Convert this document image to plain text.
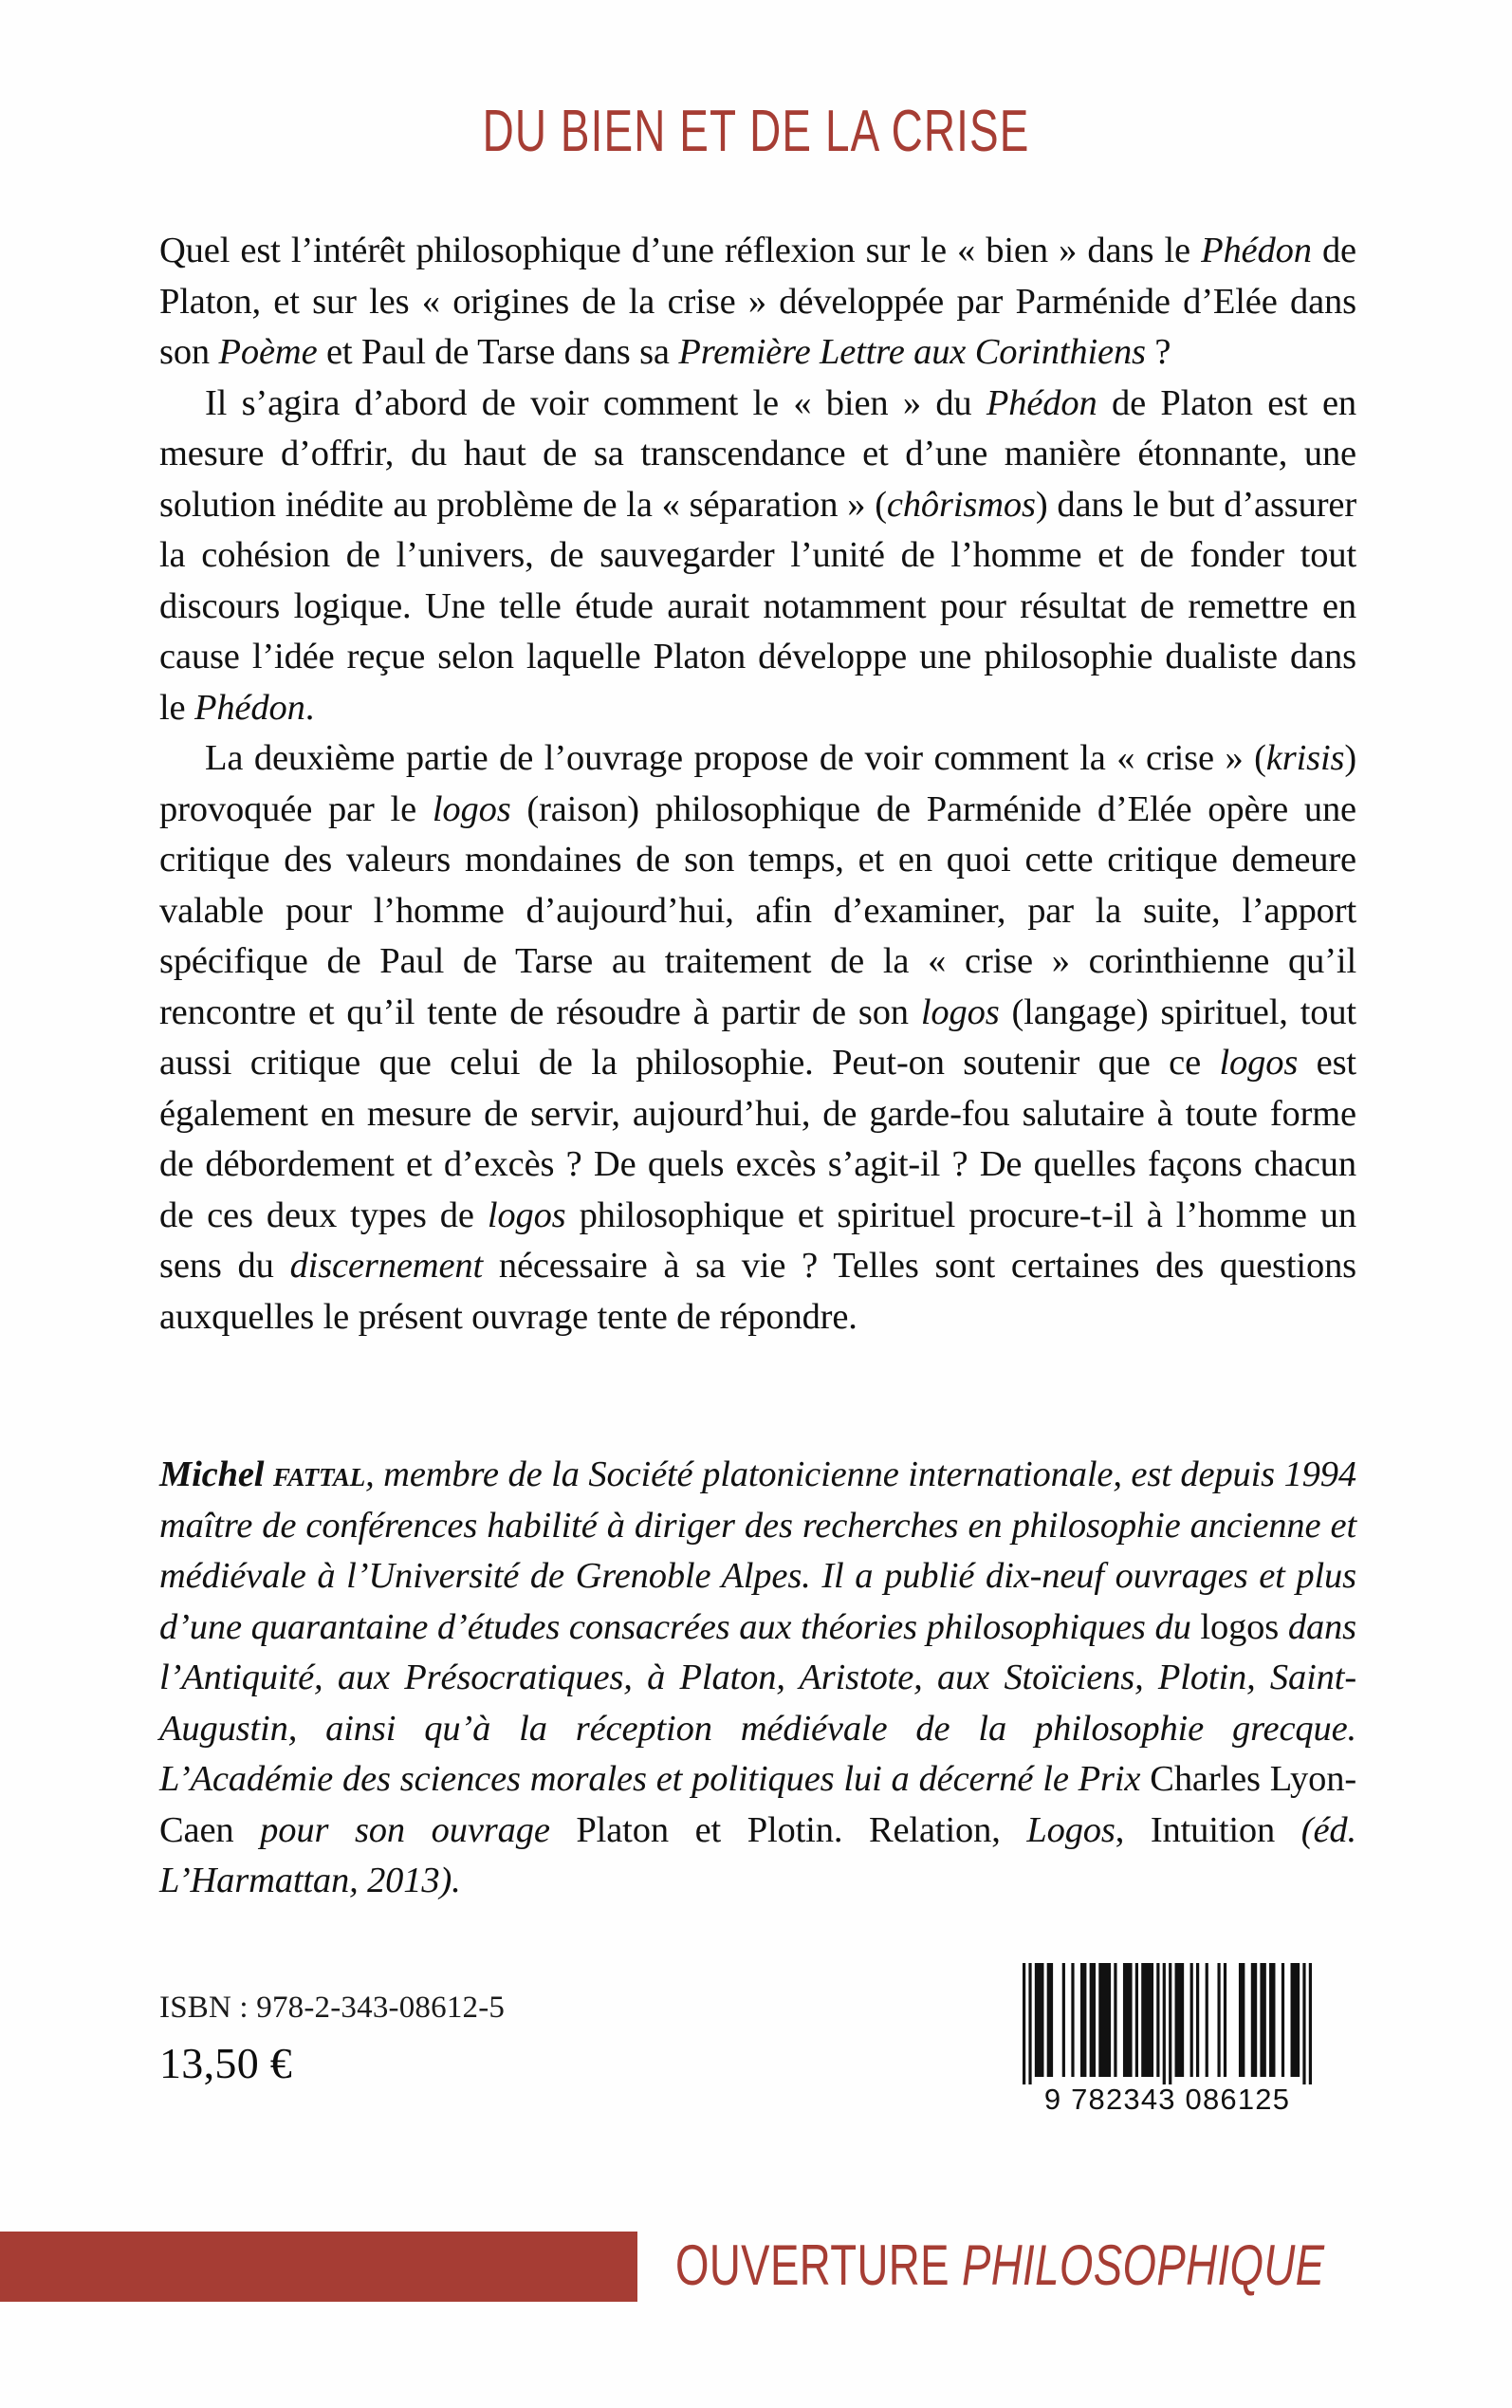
DU BIEN ET DE LA CRISE

Quel est l’intérêt philosophique d’une réflexion sur le « bien » dans le Phédon de Platon, et sur les « origines de la crise » développée par Parménide d’Elée dans son Poème et Paul de Tarse dans sa Première Lettre aux Corinthiens ?

Il s’agira d’abord de voir comment le « bien » du Phédon de Platon est en mesure d’offrir, du haut de sa transcendance et d’une manière étonnante, une solution inédite au problème de la « séparation » (chôrismos) dans le but d’assurer la cohésion de l’univers, de sauvegarder l’unité de l’homme et de fonder tout discours logique. Une telle étude aurait notamment pour résultat de remettre en cause l’idée reçue selon laquelle Platon développe une philosophie dualiste dans le Phédon.

La deuxième partie de l’ouvrage propose de voir comment la « crise » (krisis) provoquée par le logos (raison) philosophique de Parménide d’Elée opère une critique des valeurs mondaines de son temps, et en quoi cette critique demeure valable pour l’homme d’aujourd’hui, afin d’examiner, par la suite, l’apport spécifique de Paul de Tarse au traitement de la « crise » corinthienne qu’il rencontre et qu’il tente de résoudre à partir de son logos (langage) spirituel, tout aussi critique que celui de la philosophie. Peut-on soutenir que ce logos est également en mesure de servir, aujourd’hui, de garde-fou salutaire à toute forme de débordement et d’excès ? De quels excès s’agit-il ? De quelles façons chacun de ces deux types de logos philosophique et spirituel procure-t-il à l’homme un sens du discernement nécessaire à sa vie ? Telles sont certaines des questions auxquelles le présent ouvrage tente de répondre.

Michel fattal, membre de la Société platonicienne internationale, est depuis 1994 maître de conférences habilité à diriger des recherches en philosophie ancienne et médiévale à l’Université de Grenoble Alpes. Il a publié dix-neuf ouvrages et plus d’une quarantaine d’études consacrées aux théories philosophiques du logos dans l’Antiquité, aux Présocratiques, à Platon, Aristote, aux Stoïciens, Plotin, Saint-Augustin, ainsi qu’à la réception médiévale de la philosophie grecque. L’Académie des sciences morales et politiques lui a décerné le Prix Charles Lyon-Caen pour son ouvrage Platon et Plotin. Relation, Logos, Intuition (éd. L’Harmattan, 2013).

ISBN : 978-2-343-08612-5
13,50 €
9 782343 086125
OUVERTURE PHILOSOPHIQUE
